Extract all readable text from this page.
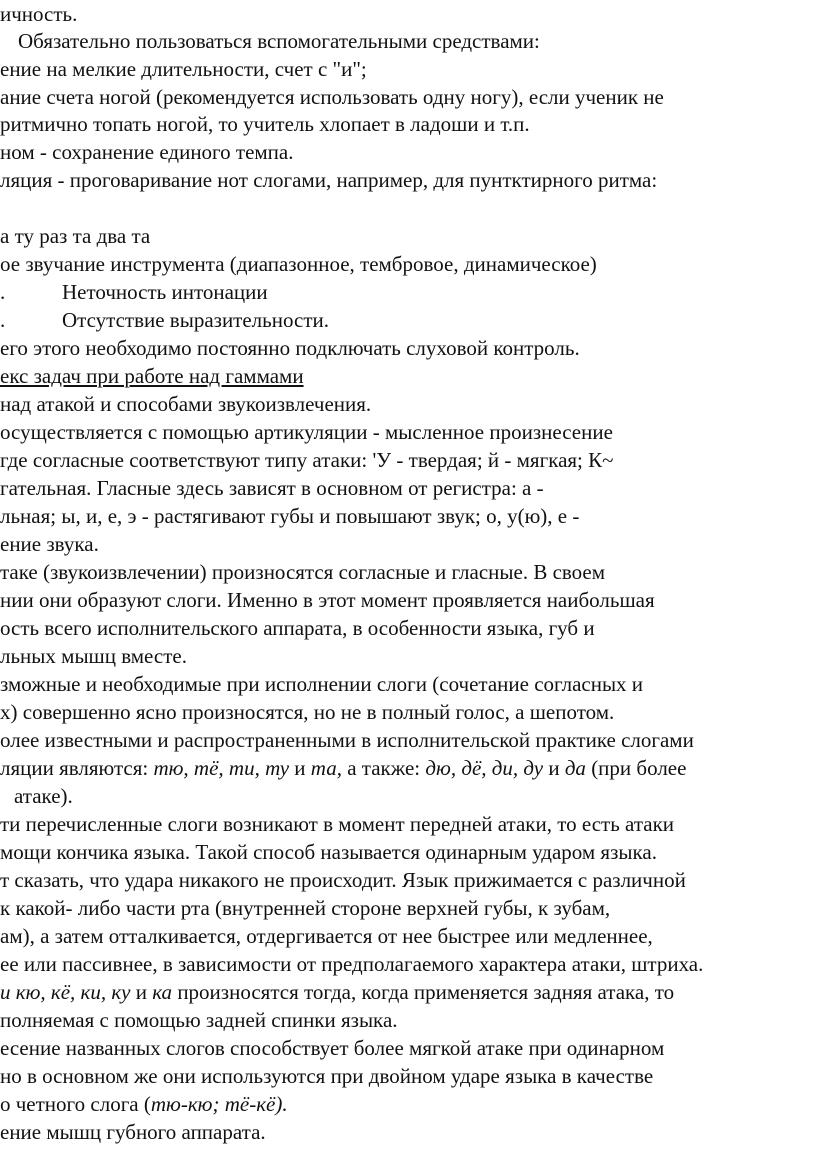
ичность.
Обязательно пользоваться вспомогательными средствами:
ение на мелкие длительности, счет с "и";
ание счета ногой (рекомендуется использовать одну ногу), если ученик не
ритмично топать ногой, то учитель хлопает в ладоши и т.п.
ном - сохранение единого темпа.
ляция - проговаривание нот слогами, например, для пунтктирного ритма:
а ту раз та два та
ое звучание инструмента (диапазонное, тембровое, динамическое)
.	Неточность интонации
.	Отсутствие выразительности.
его этого необходимо постоянно подключать слуховой контроль.
екс задач при работе над гаммами
над атакой и способами звукоизвлечения.
осуществляется с помощью артикуляции - мысленное произнесение
где согласные соответствуют типу атаки: 'У - твердая; й - мягкая; К~
гательная. Гласные здесь зависят в основном от регистра: а -
льная; ы, и, е, э - растягивают губы и повышают звук; о, у(ю), е -
ение звука.
таке (звукоизвлечении) произносятся согласные и гласные. В своем
нии они образуют слоги. Именно в этот момент проявляется наибольшая
ость всего исполнительского аппарата, в особенности языка, губ и
льных мышц вместе.
зможные и необходимые при исполнении слоги (сочетание согласных и
х) совершенно ясно произносятся, но не в полный голос, а шепотом.
олее известными и распространенными в исполнительской практике слогами
ляции являются: тю, тё, ти, ту и та, а также: дю, дё, ди, ду и да (при более
атаке).
ти перечисленные слоги возникают в момент передней атаки, то есть атаки
мощи кончика языка. Такой способ называется одинарным ударом языка.
т сказать, что удара никакого не происходит. Язык прижимается с различной
к какой- либо части рта (внутренней стороне верхней губы, к зубам,
ам), а затем отталкивается, отдергивается от нее быстрее или медленнее,
ее или пассивнее, в зависимости от предполагаемого характера атаки, штриха.
и кю, кё, ки, ку и ка произносятся тогда, когда применяется задняя атака, то
полняемая с помощью задней спинки языка.
есение названных слогов способствует более мягкой атаке при одинарном
но в основном же они используются при двойном ударе языка в качестве
о четного слога (тю-кю; тё-кё).
ение мышц губного аппарата.
